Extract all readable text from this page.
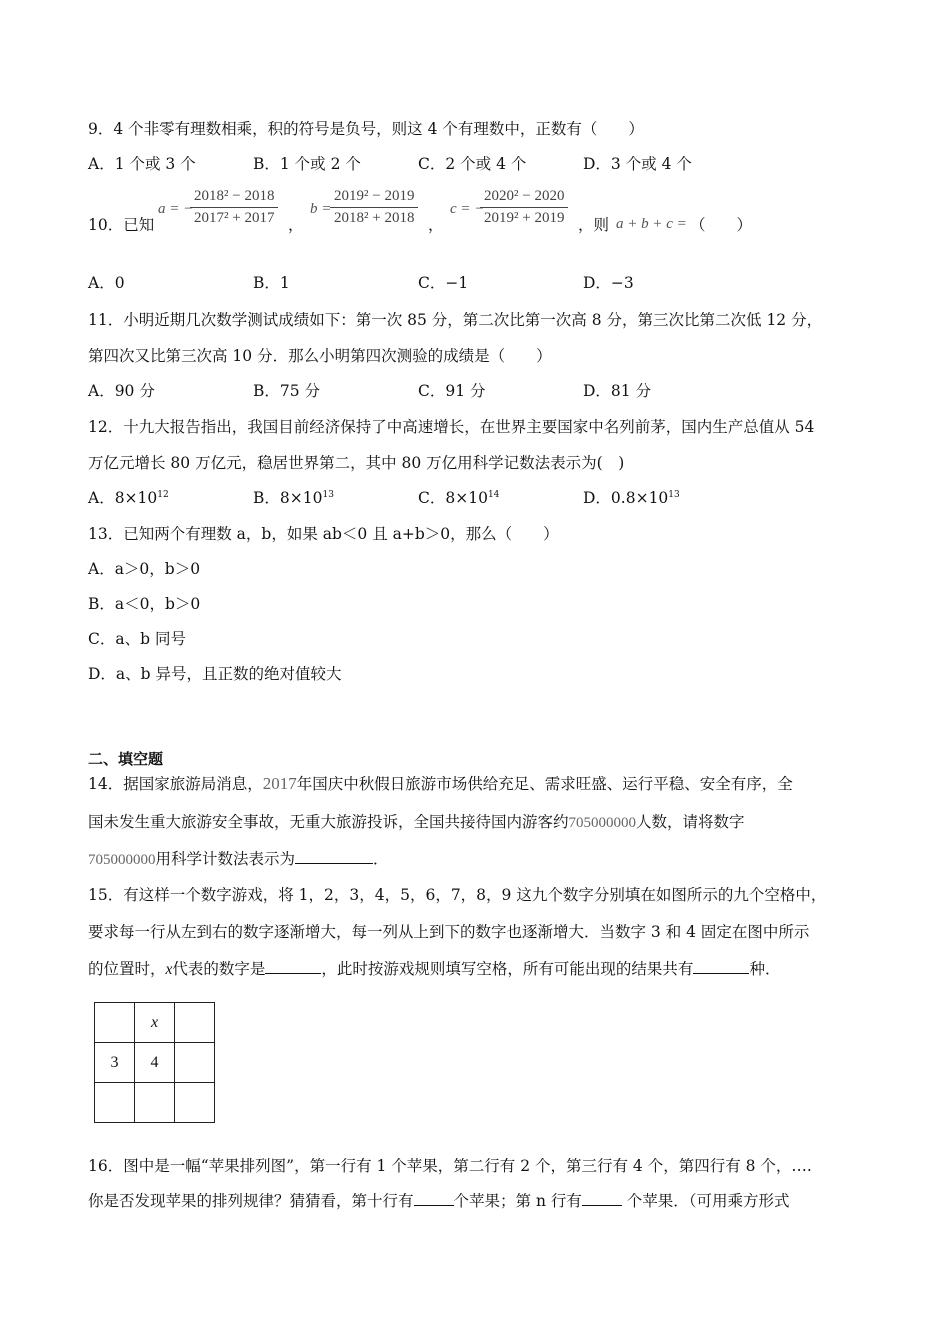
9．4 个非零有理数相乘，积的符号是负号，则这 4 个有理数中，正数有（　　）
A．1 个或 3 个	B．1 个或 2 个	C．2 个或 4 个	D．3 个或 4 个
10．已知
a = −
$\frac{\text{2018² − 2018}}{\text{2017² + 2017}}$ ，
b =
$\frac{\text{2019² − 2019}}{\text{2018² + 2018}}$ ，
c = −
$\frac{\text{2020² − 2020}}{\text{2019² + 2019}}$ ，则 a + b + c = （　　）
A．0	B．1	C．−1	D．−3
11．小明近期几次数学测试成绩如下：第一次 85 分，第二次比第一次高 8 分，第三次比第二次低 12 分，
第四次又比第三次高 10 分．那么小明第四次测验的成绩是（　　）
A．90 分	B．75 分	C．91 分	D．81 分
12．十九大报告指出，我国目前经济保持了中高速增长，在世界主要国家中名列前茅，国内生产总值从 54
万亿元增长 80 万亿元，稳居世界第二，其中 80 万亿用科学记数法表示为(　)
A．$8\times 10^{12}$	B．$8\times 10^{13}$	C．$8\times 10^{14}$	D．$0.8\times 10^{13}$
13．已知两个有理数 a，b，如果 ab＜0 且 a+b＞0，那么（　　）
A．a＞0，b＞0
B．a＜0，b＞0
C．a、b 同号
D．a、b 异号，且正数的绝对值较大
二、填空题
14．据国家旅游局消息，2017年国庆中秋假日旅游市场供给充足、需求旺盛、运行平稳、安全有序，全
国未发生重大旅游安全事故，无重大旅游投诉，全国共接待国内游客约705000000人数，请将数字
705000000用科学计数法表示为	．
15．有这样一个数字游戏，将 1，2，3，4，5，6，7，8，9 这九个数字分别填在如图所示的九个空格中，
要求每一行从左到右的数字逐渐增大，每一列从上到下的数字也逐渐增大．当数字 3 和 4 固定在图中所示
的位置时，x代表的数字是	，此时按游戏规则填写空格，所有可能出现的结果共有	种．
	x	
3	4	

16．图中是一幅“苹果排列图”，第一行有 1 个苹果，第二行有 2 个，第三行有 4 个，第四行有 8 个，….
你是否发现苹果的排列规律？猜猜看，第十行有	个苹果；第 n 行有	个苹果．（可用乘方形式
